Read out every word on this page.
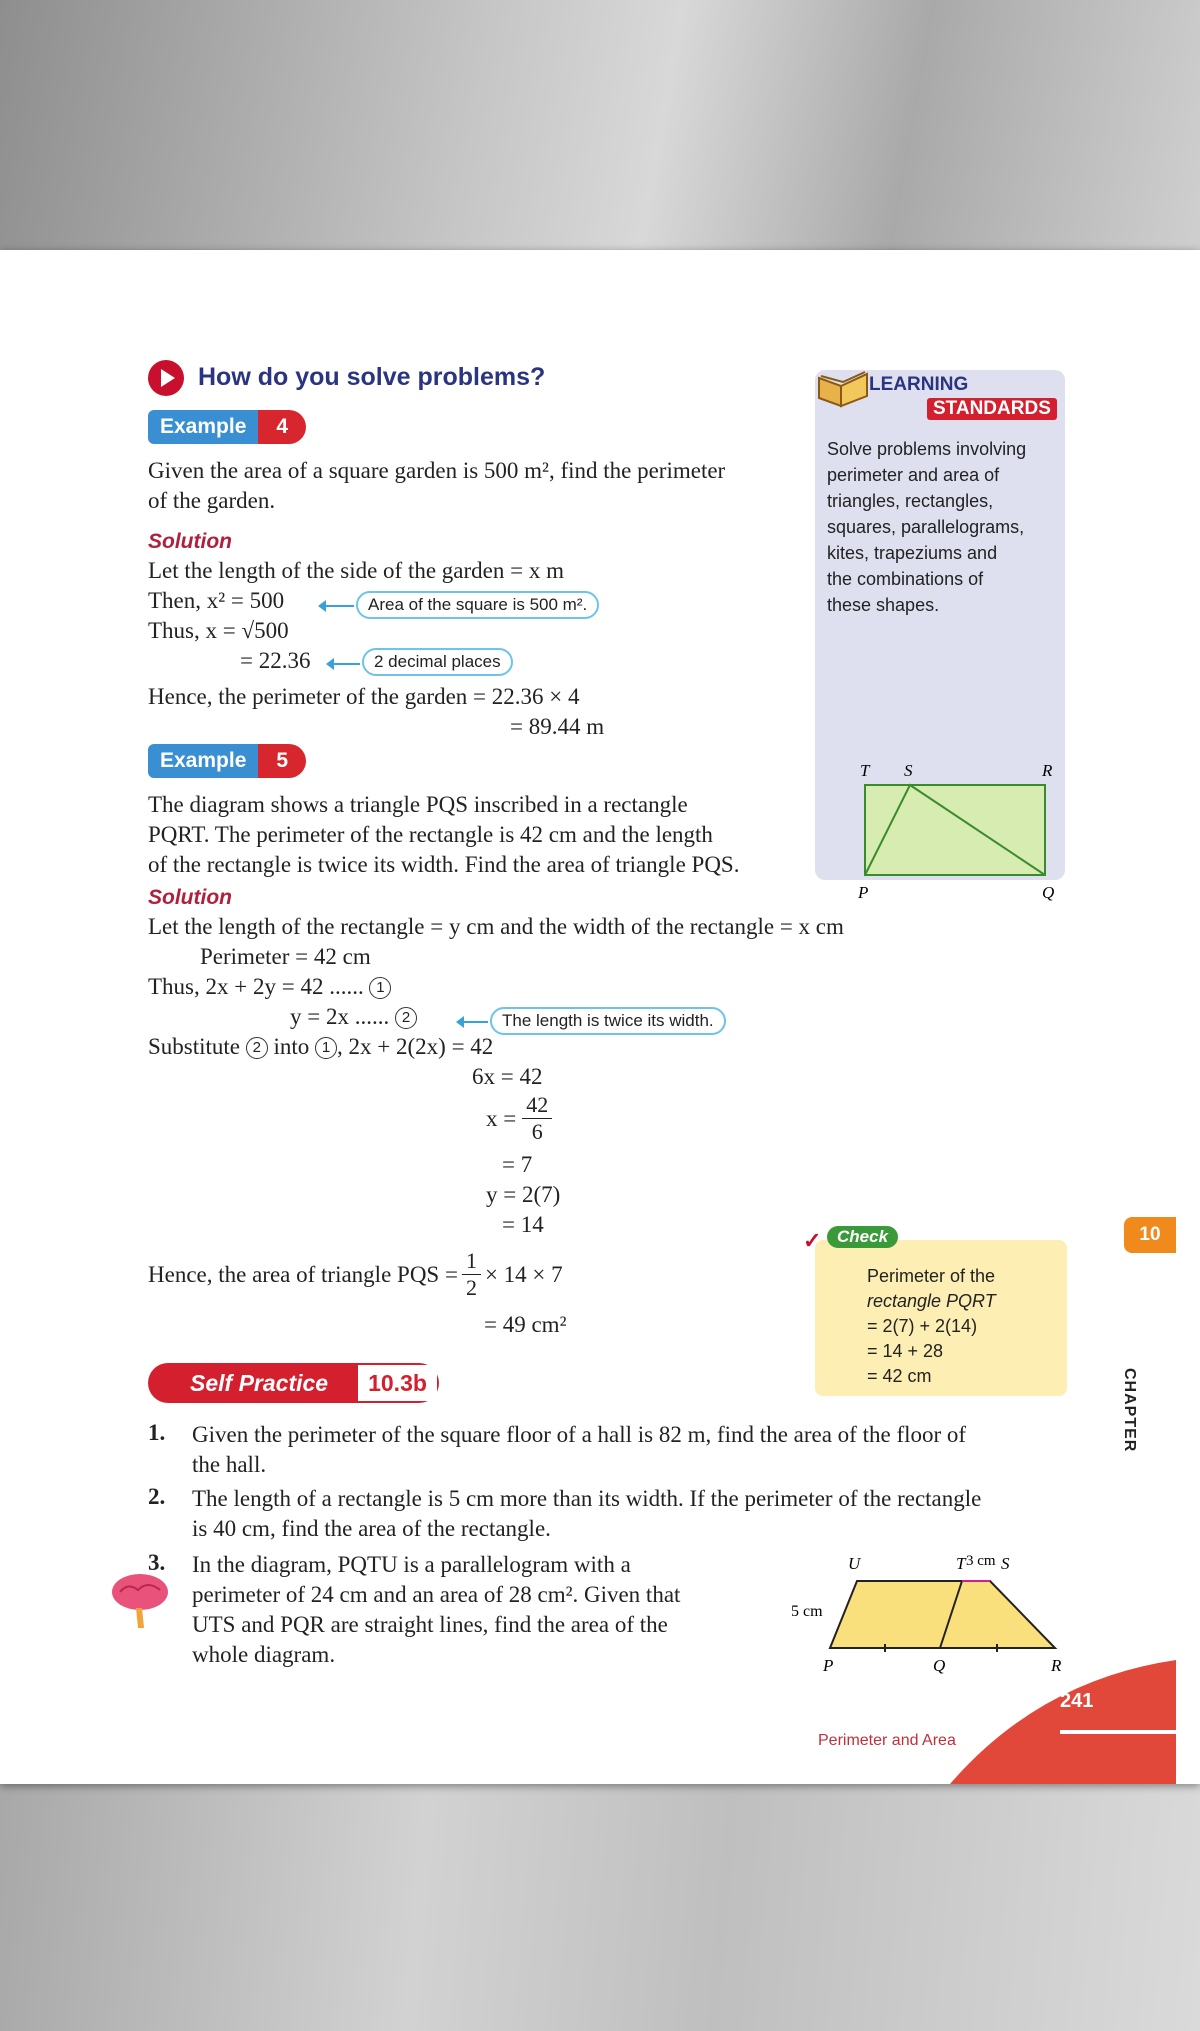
How do you solve problems?	LEARNING
STANDARDS
Solve problems involving
perimeter and area of
triangles, rectangles,
squares, parallelograms,
kites, trapeziums and
the combinations of
these shapes.
Example	4
Given the area of a square garden is 500 m², find the perimeter
of the garden.
Solution
Let the length of the side of the garden = x m
Then, x² = 500	Area of the square is 500 m².
Thus, x = √500
= 22.36	2 decimal places
Hence, the perimeter of the garden = 22.36 × 4
= 89.44 m
Example	5
The diagram shows a triangle PQS inscribed in a rectangle
PQRT. The perimeter of the rectangle is 42 cm and the length
of the rectangle is twice its width. Find the area of triangle PQS.
T S	R
P	Q
Solution
Let the length of the rectangle = y cm and the width of the rectangle = x cm
Perimeter = 42 cm
Thus, 2x + 2y = 42 ...... 1
y = 2x ...... 2	The length is twice its width.
Substitute 2 into 1 , 2x + 2(2x) = 42
6x = 42
$x = \frac{42}{6}$
= 7
y = 2(7)
= 14
Hence, the area of triangle PQS = $\frac{1}{2} \times 14 \times 7$
= 49 cm²
Check
✓
Perimeter of the
rectangle PQRT
= 2(7) + 2(14)
= 14 + 28
= 42 cm	CHAPTER
10
Self Practice	10.3b
1. Given the perimeter of the square floor of a hall is 82 m, find the area of the floor of
the hall.
2. The length of a rectangle is 5 cm more than its width. If the perimeter of the rectangle
is 40 cm, find the area of the rectangle.
3. In the diagram, PQTU is a parallelogram with a
perimeter of 24 cm and an area of 28 cm². Given that
UTS and PQR are straight lines, find the area of the
whole diagram.
U	T 3 cm S
5 cm
P	Q	R
241
Perimeter and Area
